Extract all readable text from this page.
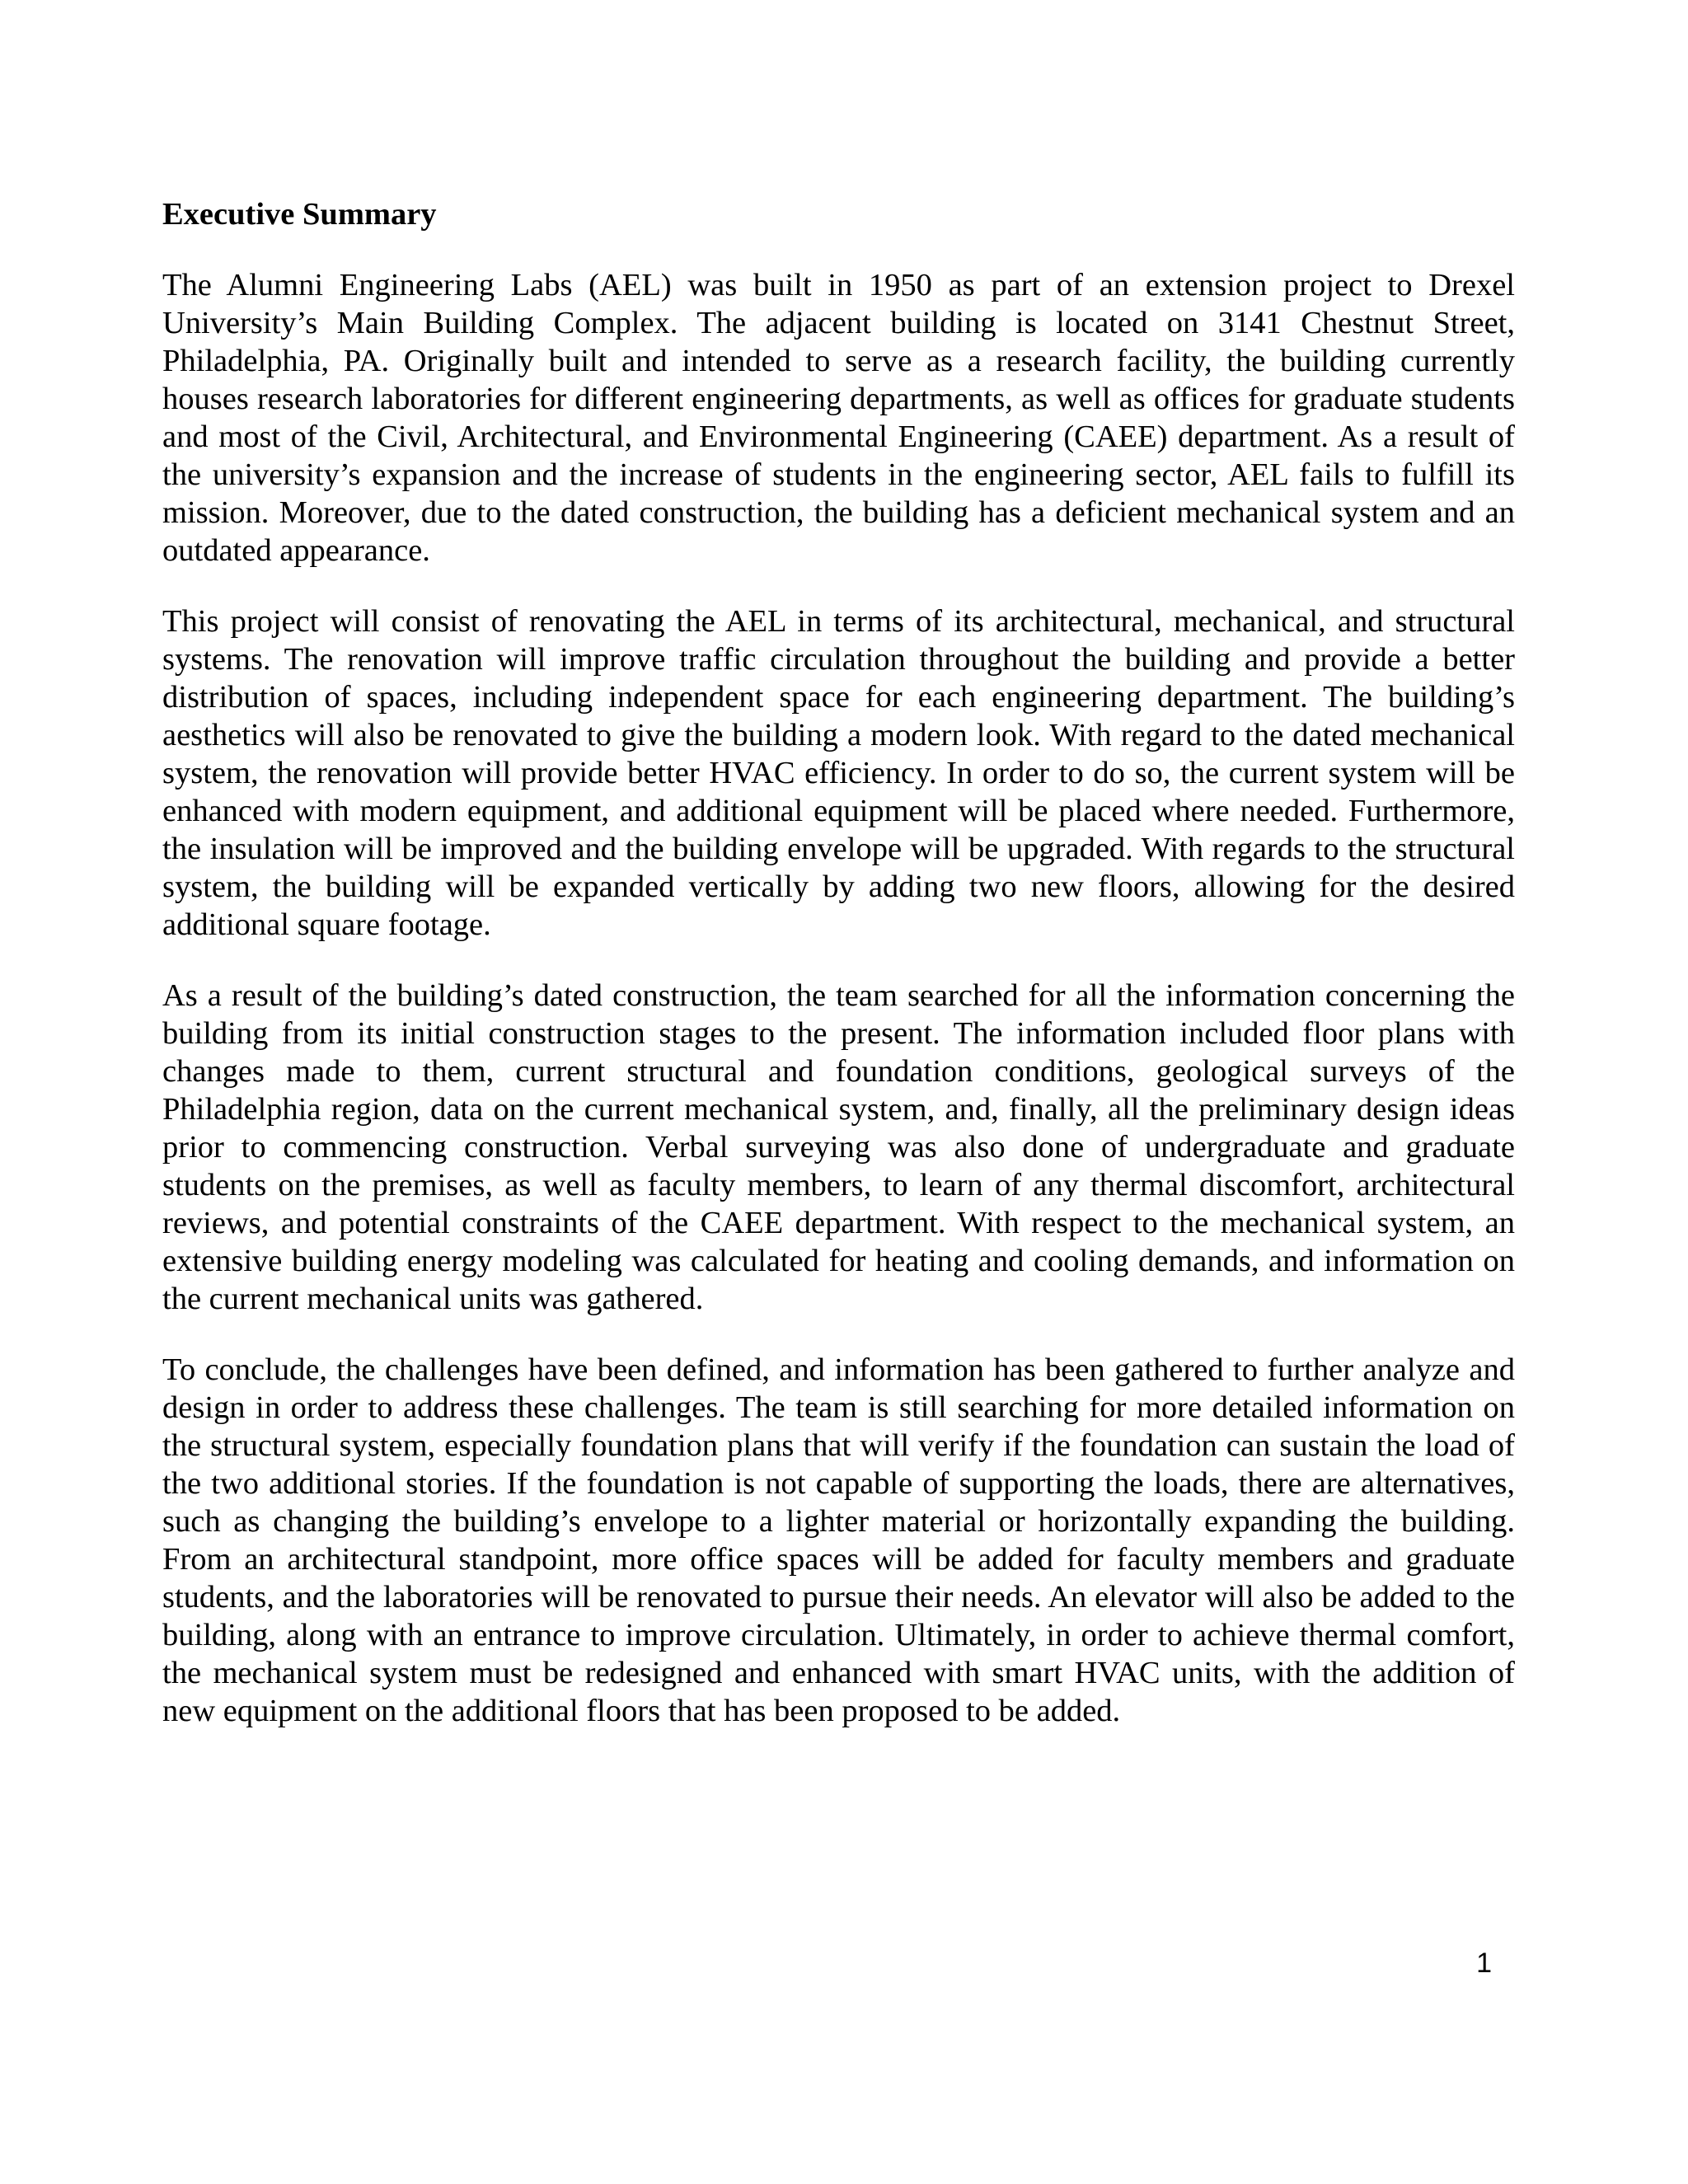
Executive Summary

The Alumni Engineering Labs (AEL) was built in 1950 as part of an extension project to Drexel University’s Main Building Complex. The adjacent building is located on 3141 Chestnut Street, Philadelphia, PA. Originally built and intended to serve as a research facility, the building currently houses research laboratories for different engineering departments, as well as offices for graduate students and most of the Civil, Architectural, and Environmental Engineering (CAEE) department. As a result of the university’s expansion and the increase of students in the engineering sector, AEL fails to fulfill its mission. Moreover, due to the dated construction, the building has a deficient mechanical system and an outdated appearance.

This project will consist of renovating the AEL in terms of its architectural, mechanical, and structural systems. The renovation will improve traffic circulation throughout the building and provide a better distribution of spaces, including independent space for each engineering department. The building’s aesthetics will also be renovated to give the building a modern look. With regard to the dated mechanical system, the renovation will provide better HVAC efficiency. In order to do so, the current system will be enhanced with modern equipment, and additional equipment will be placed where needed. Furthermore, the insulation will be improved and the building envelope will be upgraded. With regards to the structural system, the building will be expanded vertically by adding two new floors, allowing for the desired additional square footage.

As a result of the building’s dated construction, the team searched for all the information concerning the building from its initial construction stages to the present. The information included floor plans with changes made to them, current structural and foundation conditions, geological surveys of the Philadelphia region, data on the current mechanical system, and, finally, all the preliminary design ideas prior to commencing construction. Verbal surveying was also done of undergraduate and graduate students on the premises, as well as faculty members, to learn of any thermal discomfort, architectural reviews, and potential constraints of the CAEE department. With respect to the mechanical system, an extensive building energy modeling was calculated for heating and cooling demands, and information on the current mechanical units was gathered.

To conclude, the challenges have been defined, and information has been gathered to further analyze and design in order to address these challenges. The team is still searching for more detailed information on the structural system, especially foundation plans that will verify if the foundation can sustain the load of the two additional stories. If the foundation is not capable of supporting the loads, there are alternatives, such as changing the building’s envelope to a lighter material or horizontally expanding the building. From an architectural standpoint, more office spaces will be added for faculty members and graduate students, and the laboratories will be renovated to pursue their needs. An elevator will also be added to the building, along with an entrance to improve circulation. Ultimately, in order to achieve thermal comfort, the mechanical system must be redesigned and enhanced with smart HVAC units, with the addition of new equipment on the additional floors that has been proposed to be added.

1
